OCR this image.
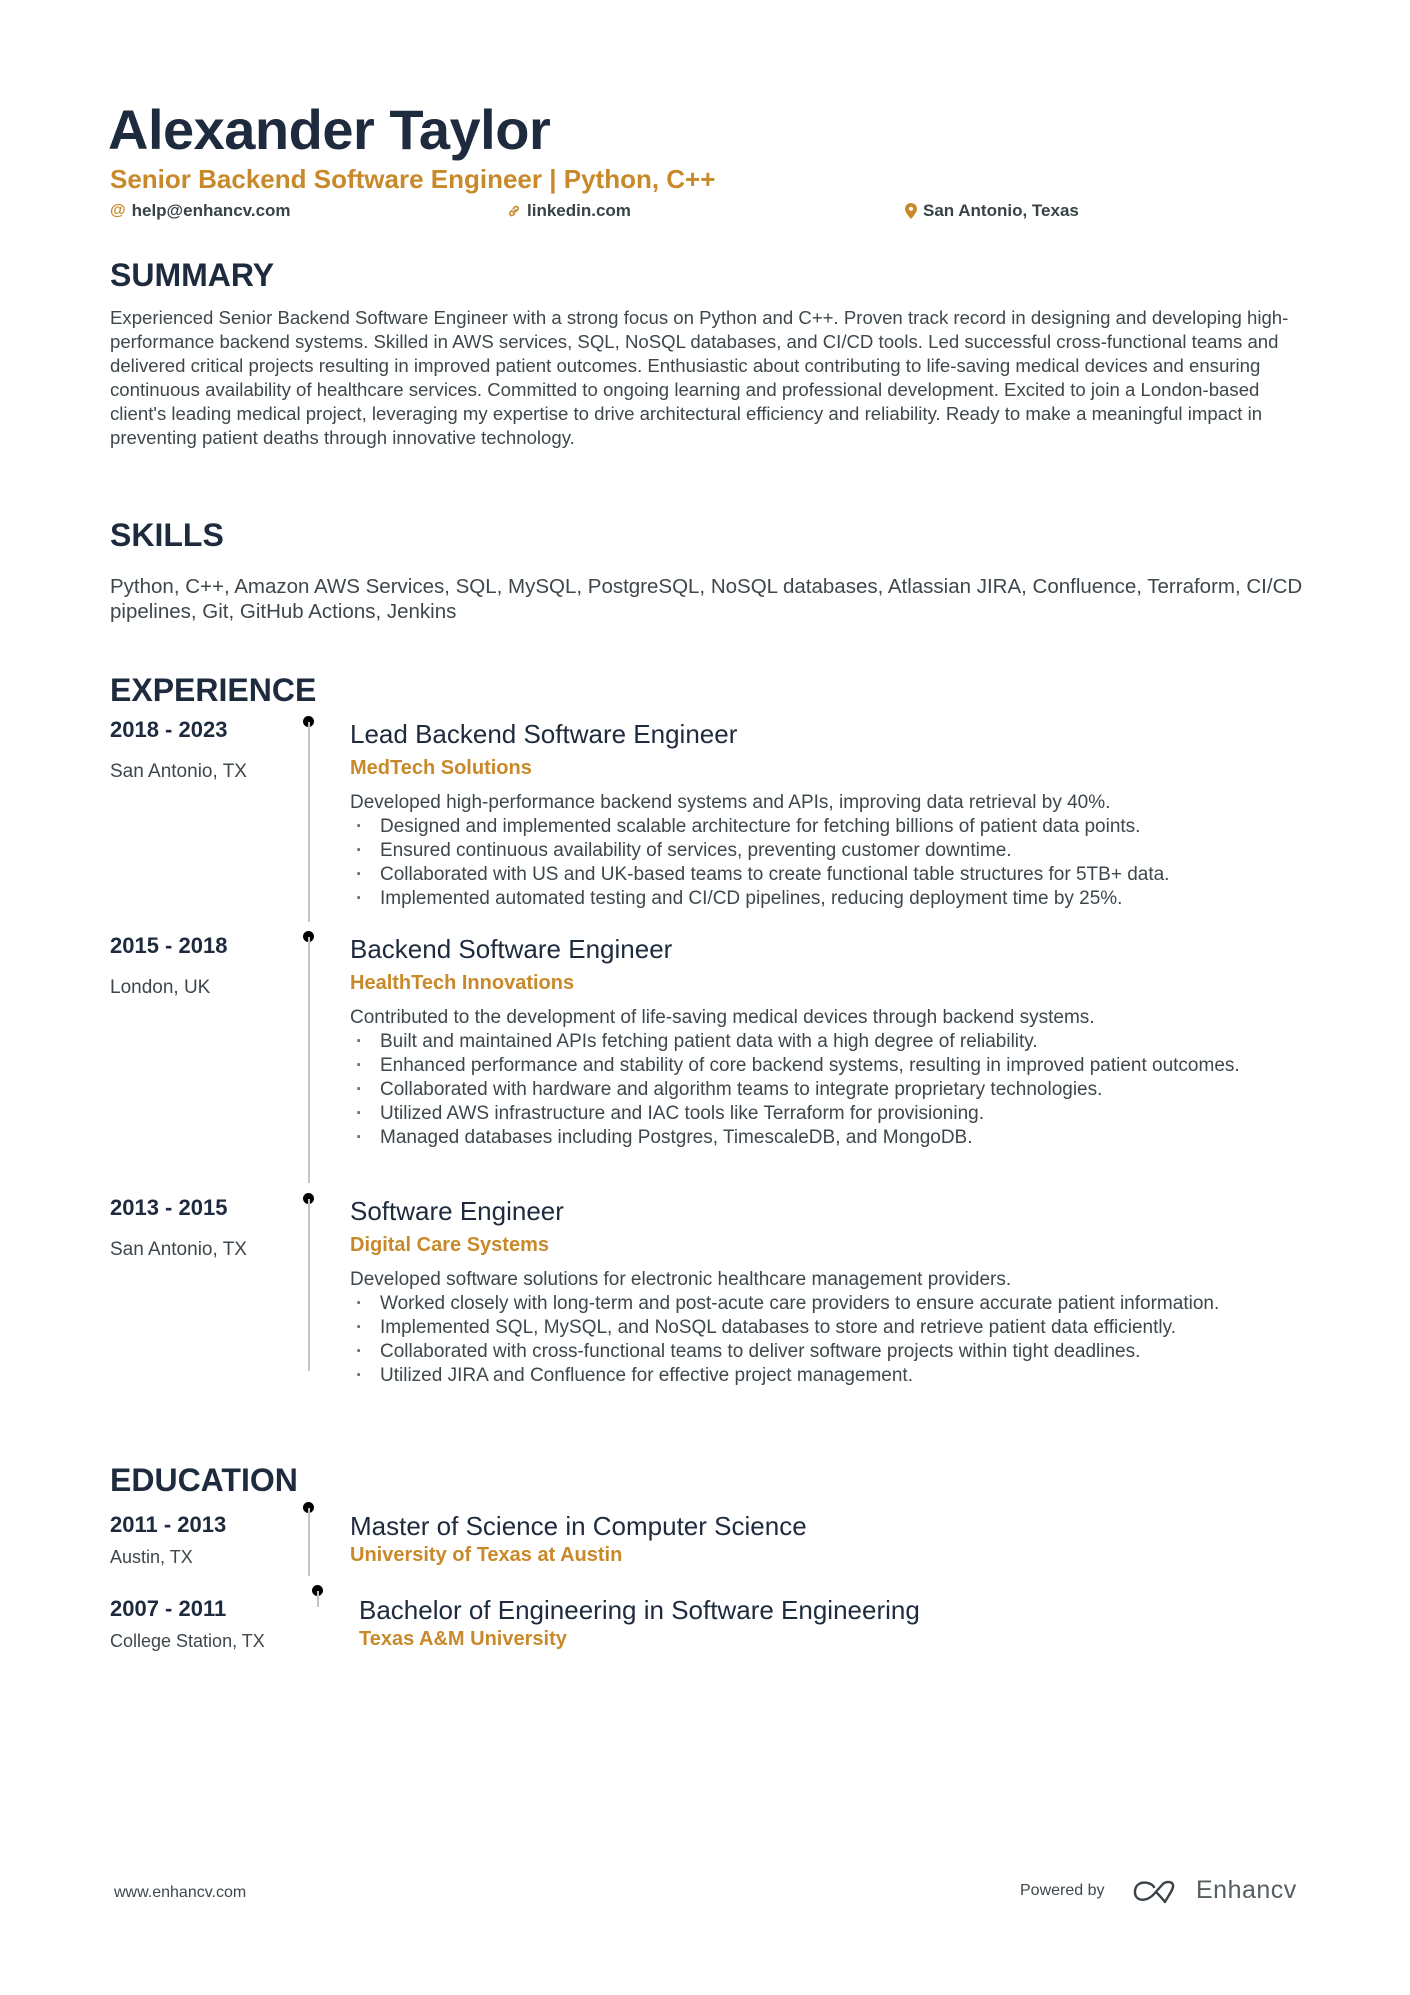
Alexander Taylor
Senior Backend Software Engineer | Python, C++
@ help@enhancv.com	linkedin.com	San Antonio, Texas
SUMMARY
Experienced Senior Backend Software Engineer with a strong focus on Python and C++. Proven track record in designing and developing high-performance backend systems. Skilled in AWS services, SQL, NoSQL databases, and CI/CD tools. Led successful cross-functional teams and delivered critical projects resulting in improved patient outcomes. Enthusiastic about contributing to life-saving medical devices and ensuring continuous availability of healthcare services. Committed to ongoing learning and professional development. Excited to join a London-based client's leading medical project, leveraging my expertise to drive architectural efficiency and reliability. Ready to make a meaningful impact in preventing patient deaths through innovative technology.
SKILLS
Python, C++, Amazon AWS Services, SQL, MySQL, PostgreSQL, NoSQL databases, Atlassian JIRA, Confluence, Terraform, CI/CD pipelines, Git, GitHub Actions, Jenkins
EXPERIENCE
2018 - 2023
San Antonio, TX
Lead Backend Software Engineer
MedTech Solutions
Developed high-performance backend systems and APIs, improving data retrieval by 40%.
· Designed and implemented scalable architecture for fetching billions of patient data points.
· Ensured continuous availability of services, preventing customer downtime.
· Collaborated with US and UK-based teams to create functional table structures for 5TB+ data.
· Implemented automated testing and CI/CD pipelines, reducing deployment time by 25%.
2015 - 2018
London, UK
Backend Software Engineer
HealthTech Innovations
Contributed to the development of life-saving medical devices through backend systems.
· Built and maintained APIs fetching patient data with a high degree of reliability.
· Enhanced performance and stability of core backend systems, resulting in improved patient outcomes.
· Collaborated with hardware and algorithm teams to integrate proprietary technologies.
· Utilized AWS infrastructure and IAC tools like Terraform for provisioning.
· Managed databases including Postgres, TimescaleDB, and MongoDB.
2013 - 2015
San Antonio, TX
Software Engineer
Digital Care Systems
Developed software solutions for electronic healthcare management providers.
· Worked closely with long-term and post-acute care providers to ensure accurate patient information.
· Implemented SQL, MySQL, and NoSQL databases to store and retrieve patient data efficiently.
· Collaborated with cross-functional teams to deliver software projects within tight deadlines.
· Utilized JIRA and Confluence for effective project management.
EDUCATION
2011 - 2013
Austin, TX
Master of Science in Computer Science
University of Texas at Austin
2007 - 2011
College Station, TX
Bachelor of Engineering in Software Engineering
Texas A&M University
www.enhancv.com	Powered by	Enhancv
